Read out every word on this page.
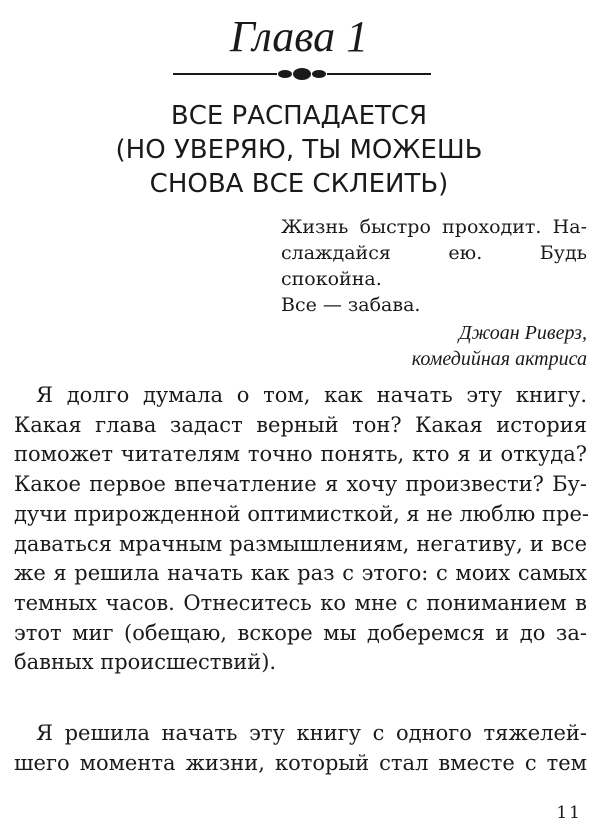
Глава 1
ВСЕ РАСПАДАЕТСЯ
(НО УВЕРЯЮ, ТЫ МОЖЕШЬ
СНОВА ВСЕ СКЛЕИТЬ)
Жизнь быстро проходит. На-
слаждайся ею. Будь спокойна.
Все — забава.
Джоан Риверз,
комедийная актриса
Я долго думала о том, как начать эту книгу.
Какая глава задаст верный тон? Какая история
поможет читателям точно понять, кто я и откуда?
Какое первое впечатление я хочу произвести? Бу-
дучи прирожденной оптимисткой, я не люблю пре-
даваться мрачным размышлениям, негативу, и все
же я решила начать как раз с этого: с моих самых
темных часов. Отнеситесь ко мне с пониманием в
этот миг (обещаю, вскоре мы доберемся и до за-
бавных происшествий).
Я решила начать эту книгу с одного тяжелей-
шего момента жизни, который стал вместе с тем
11
